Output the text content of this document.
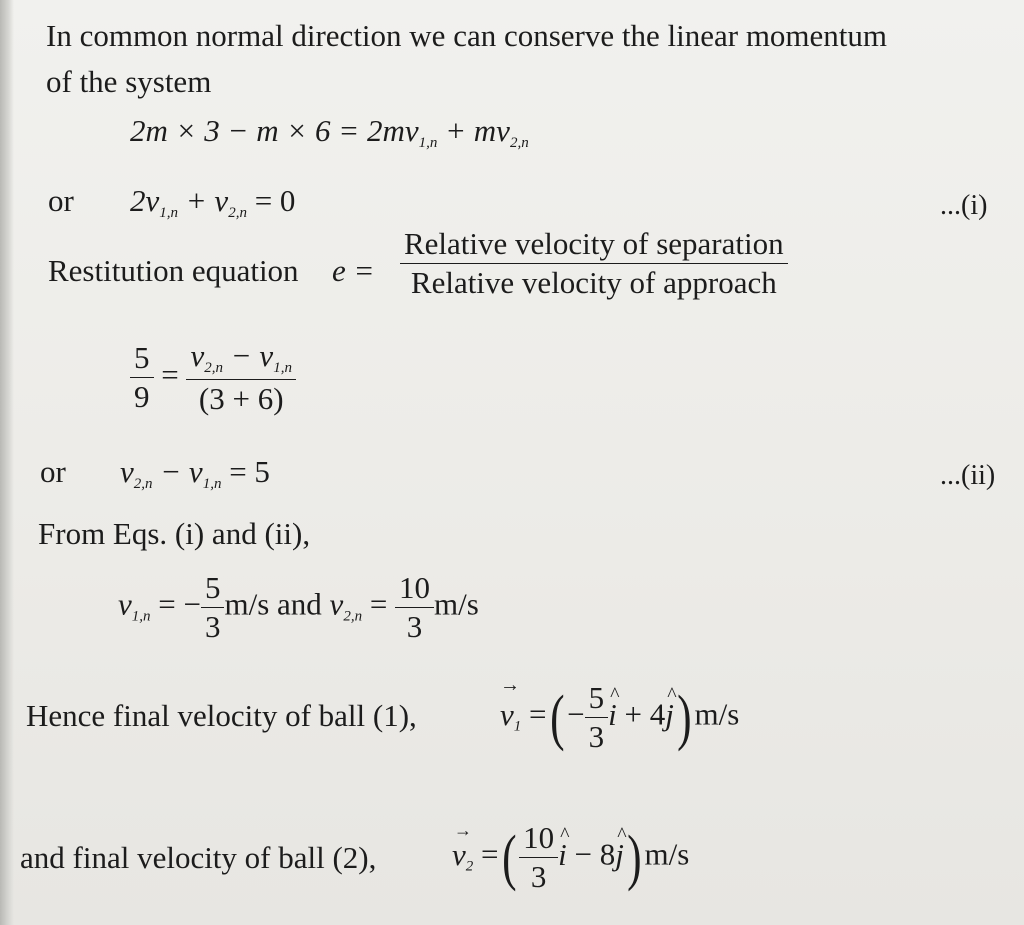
In common normal direction we can conserve the linear momentum
of the system
$2m \times 3 - m \times 6 = 2mv_{1,n} + mv_{2,n}$
or $2v_{1,n} + v_{2,n} = 0$	...(i)
Restitution equation $e = \frac{\text{Relative velocity of separation}}{\text{Relative velocity of approach}}$
$\frac{5}{9} = \frac{v_{2,n} - v_{1,n}}{(3 + 6)}$
or $v_{2,n} - v_{1,n} = 5$	...(ii)
From Eqs. (i) and (ii),
$v_{1,n}$ = − $\frac{5}{3} m/s$ and $v_{2,n} = \frac{10}{3} m/s$
Hence final velocity of ball (1),	→ $v_1$ =(− $\frac{5}{3}$ ^ i + 4^ j)m/s
and final velocity of ball (2), → $v_2$ =( $\frac{10}{3}$ ^ i − 8^ j)m/s
